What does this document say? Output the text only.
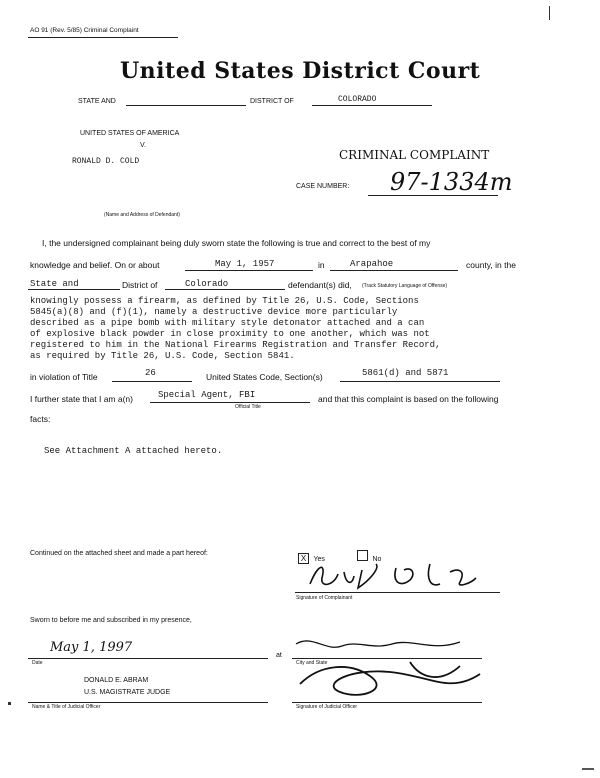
AO 91 (Rev. 5/85) Criminal Complaint
United States District Court
STATE AND	DISTRICT OF	COLORADO
UNITED STATES OF AMERICA
V.
RONALD D. COLD
(Name and Address of Defendant)
CRIMINAL COMPLAINT
CASE NUMBER: 97-1334m
I, the undersigned complainant being duly sworn state the following is true and correct to the best of my
knowledge and belief. On or about	May 1, 1957	in	Arapahoe	county, in the
State and	District of	Colorado	defendant(s) did, (Track Statutory Language of Offense)
knowingly possess a firearm, as defined by Title 26, U.S. Code, Sections
5845(a)(8) and (f)(1), namely a destructive device more particularly
described as a pipe bomb with military style detonator attached and a can
of explosive black powder in close proximity to one another, which was not
registered to him in the National Firearms Registration and Transfer Record,
as required by Title 26, U.S. Code, Section 5841.
in violation of Title	26	United States Code, Section(s)	5861(d) and 5871
I further state that I am a(n)	Special Agent, FBI
Official Title
and that this complaint is based on the following
facts:
See Attachment A attached hereto.
Continued on the attached sheet and made a part hereof:
X Yes	No
Signature of Complainant
Sworn to before me and subscribed in my presence,
May 1, 1997
Date
at
City and State
DONALD E. ABRAM
U.S. MAGISTRATE JUDGE
Name & Title of Judicial Officer	Signature of Judicial Officer
